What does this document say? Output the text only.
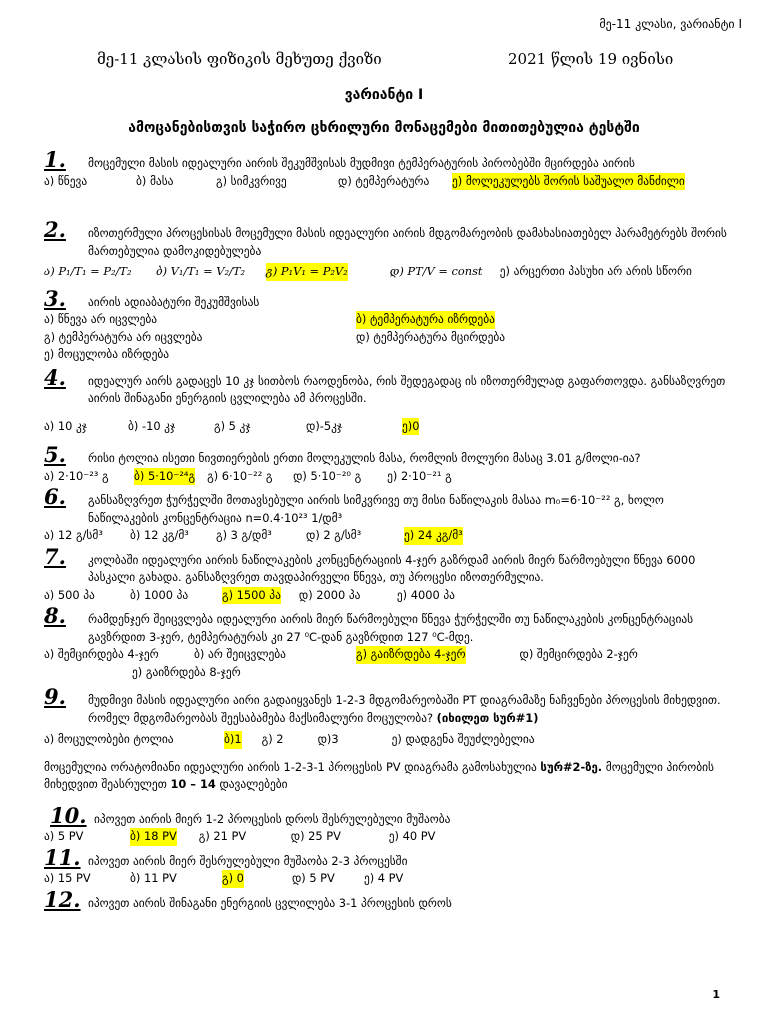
მე-11 კლასი, ვარიანტი I
მე-11 კლასის ფიზიკის მეხუთე ქვიზი	2021 წლის 19 ივნისი
ვარიანტი I
ამოცანებისთვის საჭირო ცხრილური მონაცემები მითითებულია ტესტში
1.	მოცემული მასის იდეალური აირის შეკუმშვისას მუდმივი ტემპერატურის პირობებში მცირდება აირის
ა) წნევა	ბ) მასა	გ) სიმკვრივე	დ) ტემპერატურა	ე) მოლეკულებს შორის საშუალო მანძილი
2.	იზოთერმული პროცესისას მოცემული მასის იდეალური აირის მდგომარეობის დამახასიათებელ პარამეტრებს შორის მართებულია დამოკიდებულება
ა) P₁/T₁ = P₂/T₂	ბ) V₁/T₁ = V₂/T₂	გ) P₁V₁ = P₂V₂	დ) PT/V = const	ე) არცერთი პასუხი არ არის სწორი
3.	აირის ადიაბატური შეკუმშვისას
ა) წნევა არ იცვლება	ბ) ტემპერატურა იზრდება
გ) ტემპერატურა არ იცვლება	დ) ტემპერატურა მცირდება
ე) მოცულობა იზრდება
4.	იდეალურ აირს გადაცეს 10 კჯ სითბოს რაოდენობა, რის შედეგადაც ის იზოთერმულად გაფართოვდა. განსაზღვრეთ აირის შინაგანი ენერგიის ცვლილება ამ პროცესში.
ა) 10 კჯ	ბ) -10 კჯ	გ) 5 კჯ	დ)-5კჯ	ე)0
5.	რისი ტოლია ისეთი ნივთიერების ერთი მოლეკულის მასა, რომლის მოლური მასაც 3.01 გ/მოლი-ია?
ა) 2·10⁻²³ გ	ბ) 5·10⁻²⁴გ გ) 6·10⁻²² გ	დ) 5·10⁻²⁰ გ	ე) 2·10⁻²¹ გ
6.	განსაზღვრეთ ჭურჭელში მოთავსებული აირის სიმკვრივე თუ მისი ნაწილაკის მასაა m₀=6·10⁻²² გ, ხოლო ნაწილაკების კონცენტრაცია n=0.4·10²³ 1/დმ³
ა) 12 გ/სმ³	ბ) 12 კგ/მ³	გ) 3 გ/დმ³	დ) 2 გ/სმ³	ე) 24 კგ/მ³
7.	კოლბაში იდეალური აირის ნაწილაკების კონცენტრაციის 4-ჯერ გაზრდამ აირის მიერ წარმოებული წნევა 6000 პასკალი გახადა. განსაზღვრეთ თავდაპირველი წნევა, თუ პროცესი იზოთერმულია.
ა) 500 პა	ბ) 1000 პა	გ) 1500 პა დ) 2000 პა	ე) 4000 პა
8.	რამდენჯერ შეიცვლება იდეალური აირის მიერ წარმოებული წნევა ჭურჭელში თუ ნაწილაკების კონცენტრაციას გავზრდით 3-ჯერ, ტემპერატურას კი 27 ⁰C-დან გავზრდით 127 ⁰C-მდე.
ა) შემცირდება 4-ჯერ	ბ) არ შეიცვლება	გ) გაიზრდება 4-ჯერ	დ) შემცირდება 2-ჯერ
ე) გაიზრდება 8-ჯერ
9.	მუდმივი მასის იდეალური აირი გადაიყვანეს 1-2-3 მდგომარეობაში PT დიაგრამაზე ნაჩვენები პროცესის მიხედვით. რომელ მდგომარეობას შეესაბამება მაქსიმალური მოცულობა? (იხილეთ სურ#1)
ა) მოცულობები ტოლია	ბ)1 გ) 2	დ)3	ე) დადგენა შეუძლებელია
მოცემულია ორატომიანი იდეალური აირის 1-2-3-1 პროცესის PV დიაგრამა გამოსახულია სურ#2-ზე. მოცემული პირობის მიხედვით შეასრულეთ 10 – 14 დავალებები
10. იპოვეთ აირის მიერ 1-2 პროცესის დროს შესრულებული მუშაობა
ა) 5 PV	ბ) 18 PV გ) 21 PV	დ) 25 PV	ე) 40 PV
11. იპოვეთ აირის მიერ შესრულებული მუშაობა 2-3 პროცესში
ა) 15 PV	ბ) 11 PV	გ) 0	დ) 5 PV	ე) 4 PV
12. იპოვეთ აირის შინაგანი ენერგიის ცვლილება 3-1 პროცესის დროს
1
